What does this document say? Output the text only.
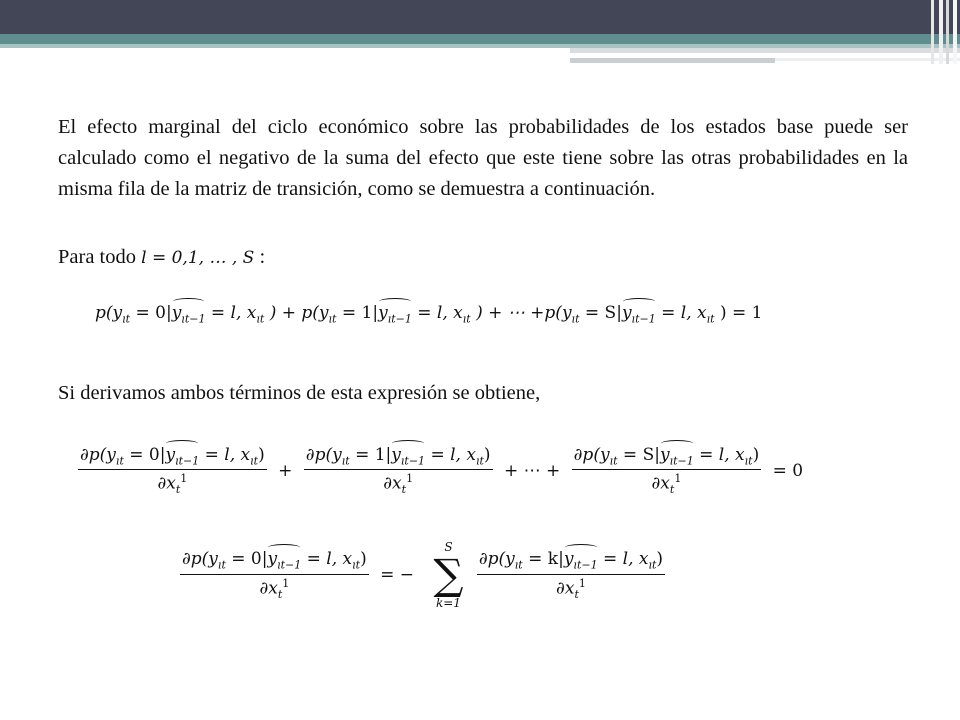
El efecto marginal del ciclo económico sobre las probabilidades de los estados base puede ser calculado como el negativo de la suma del efecto que este tiene sobre las otras probabilidades en la misma fila de la matriz de transición, como se demuestra a continuación.

Para todo l = 0,1, … , S :

$p(y_{ıt} = 0|y_{ıt-1} = l$, $x_{ıt}$ ) + $p(y_{ıt} = 1|y_{ıt-1} = l$, $x_{ıt}$ ) + ⋯ $+p(y_{ıt} = S|y_{ıt-1} = l$, $x_{ıt}$ ) = 1

Si derivamos ambos términos de esta expresión se obtiene,

$\frac{\partial p(y_{ıt} = 0|y_{ıt-1} = l, x_{ıt})}{\partial x_t^1} + \frac{\partial p(y_{ıt} = 1|y_{ıt-1} = l, x_{ıt})}{\partial x_t^1}$ + ⋯ + $\frac{\partial p(y_{ıt} = S|y_{ıt-1} = l, x_{ıt})}{\partial x_t^1} = 0$
$\frac{\partial p(y_{ıt} = 0|y_{ıt-1} = l, x_{ıt})}{\partial x_t^1}$ = −
S
∑
k=1

$\frac{\partial p(y_{ıt} = k|y_{ıt-1} = l, x_{ıt})}{\partial x_t^1}$
